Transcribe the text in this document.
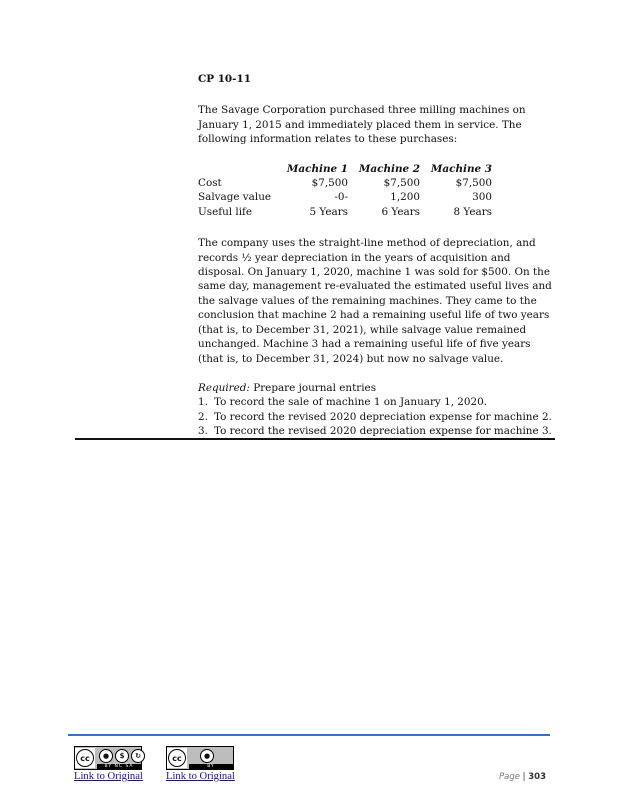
CP 10-11

The Savage Corporation purchased three milling machines on January 1, 2015 and immediately placed them in service. The following information relates to these purchases:

	Machine 1	Machine 2	Machine 3
Cost	$7,500	$7,500	$7,500
Salvage value	-0-	1,200	300
Useful life	5 Years	6 Years	8 Years

The company uses the straight-line method of depreciation, and records ½ year depreciation in the years of acquisition and disposal. On January 1, 2020, machine 1 was sold for $500. On the same day, management re-evaluated the estimated useful lives and the salvage values of the remaining machines. They came to the conclusion that machine 2 had a remaining useful life of two years (that is, to December 31, 2021), while salvage value remained unchanged. Machine 3 had a remaining useful life of five years (that is, to December 31, 2024) but now no salvage value.

Required: Prepare journal entries

1. To record the sale of machine 1 on January 1, 2020.
2. To record the revised 2020 depreciation expense for machine 2.
3. To record the revised 2020 depreciation expense for machine 3.
cc	●	$	↻
BY NC SA
cc	●
BY
Link to Original Link to Original	Page | 303
